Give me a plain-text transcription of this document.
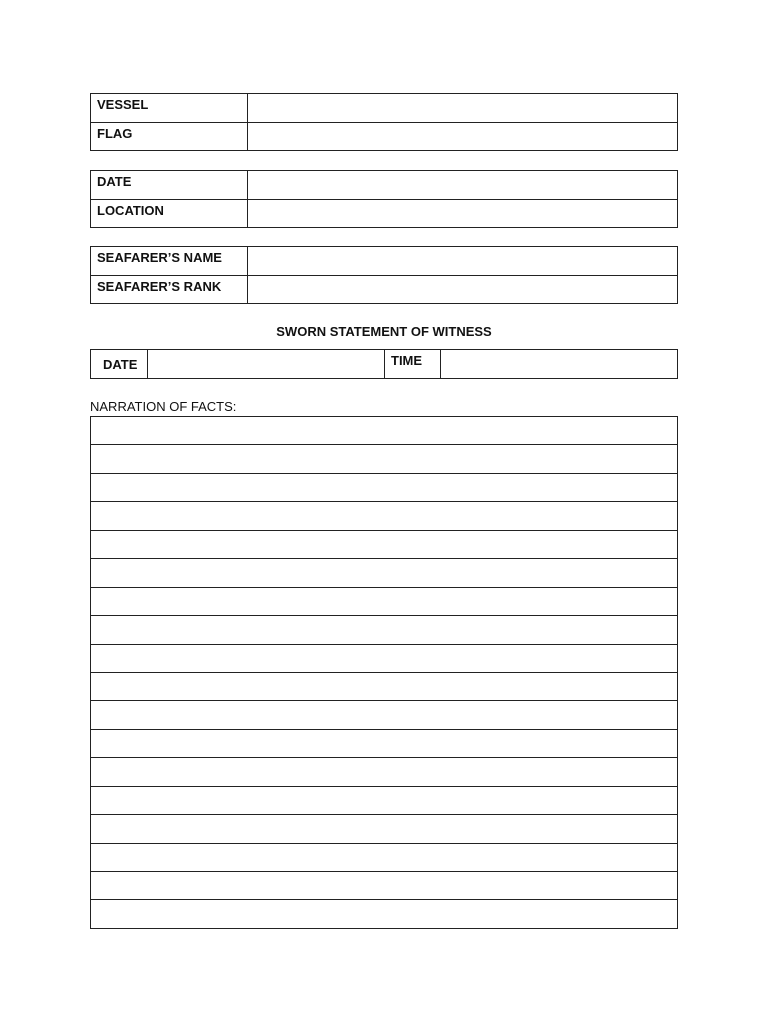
VESSEL	
FLAG	
DATE	
LOCATION	
SEAFARER’S NAME	
SEAFARER’S RANK	
SWORN STATEMENT OF WITNESS
DATE		TIME	
NARRATION OF FACTS:
